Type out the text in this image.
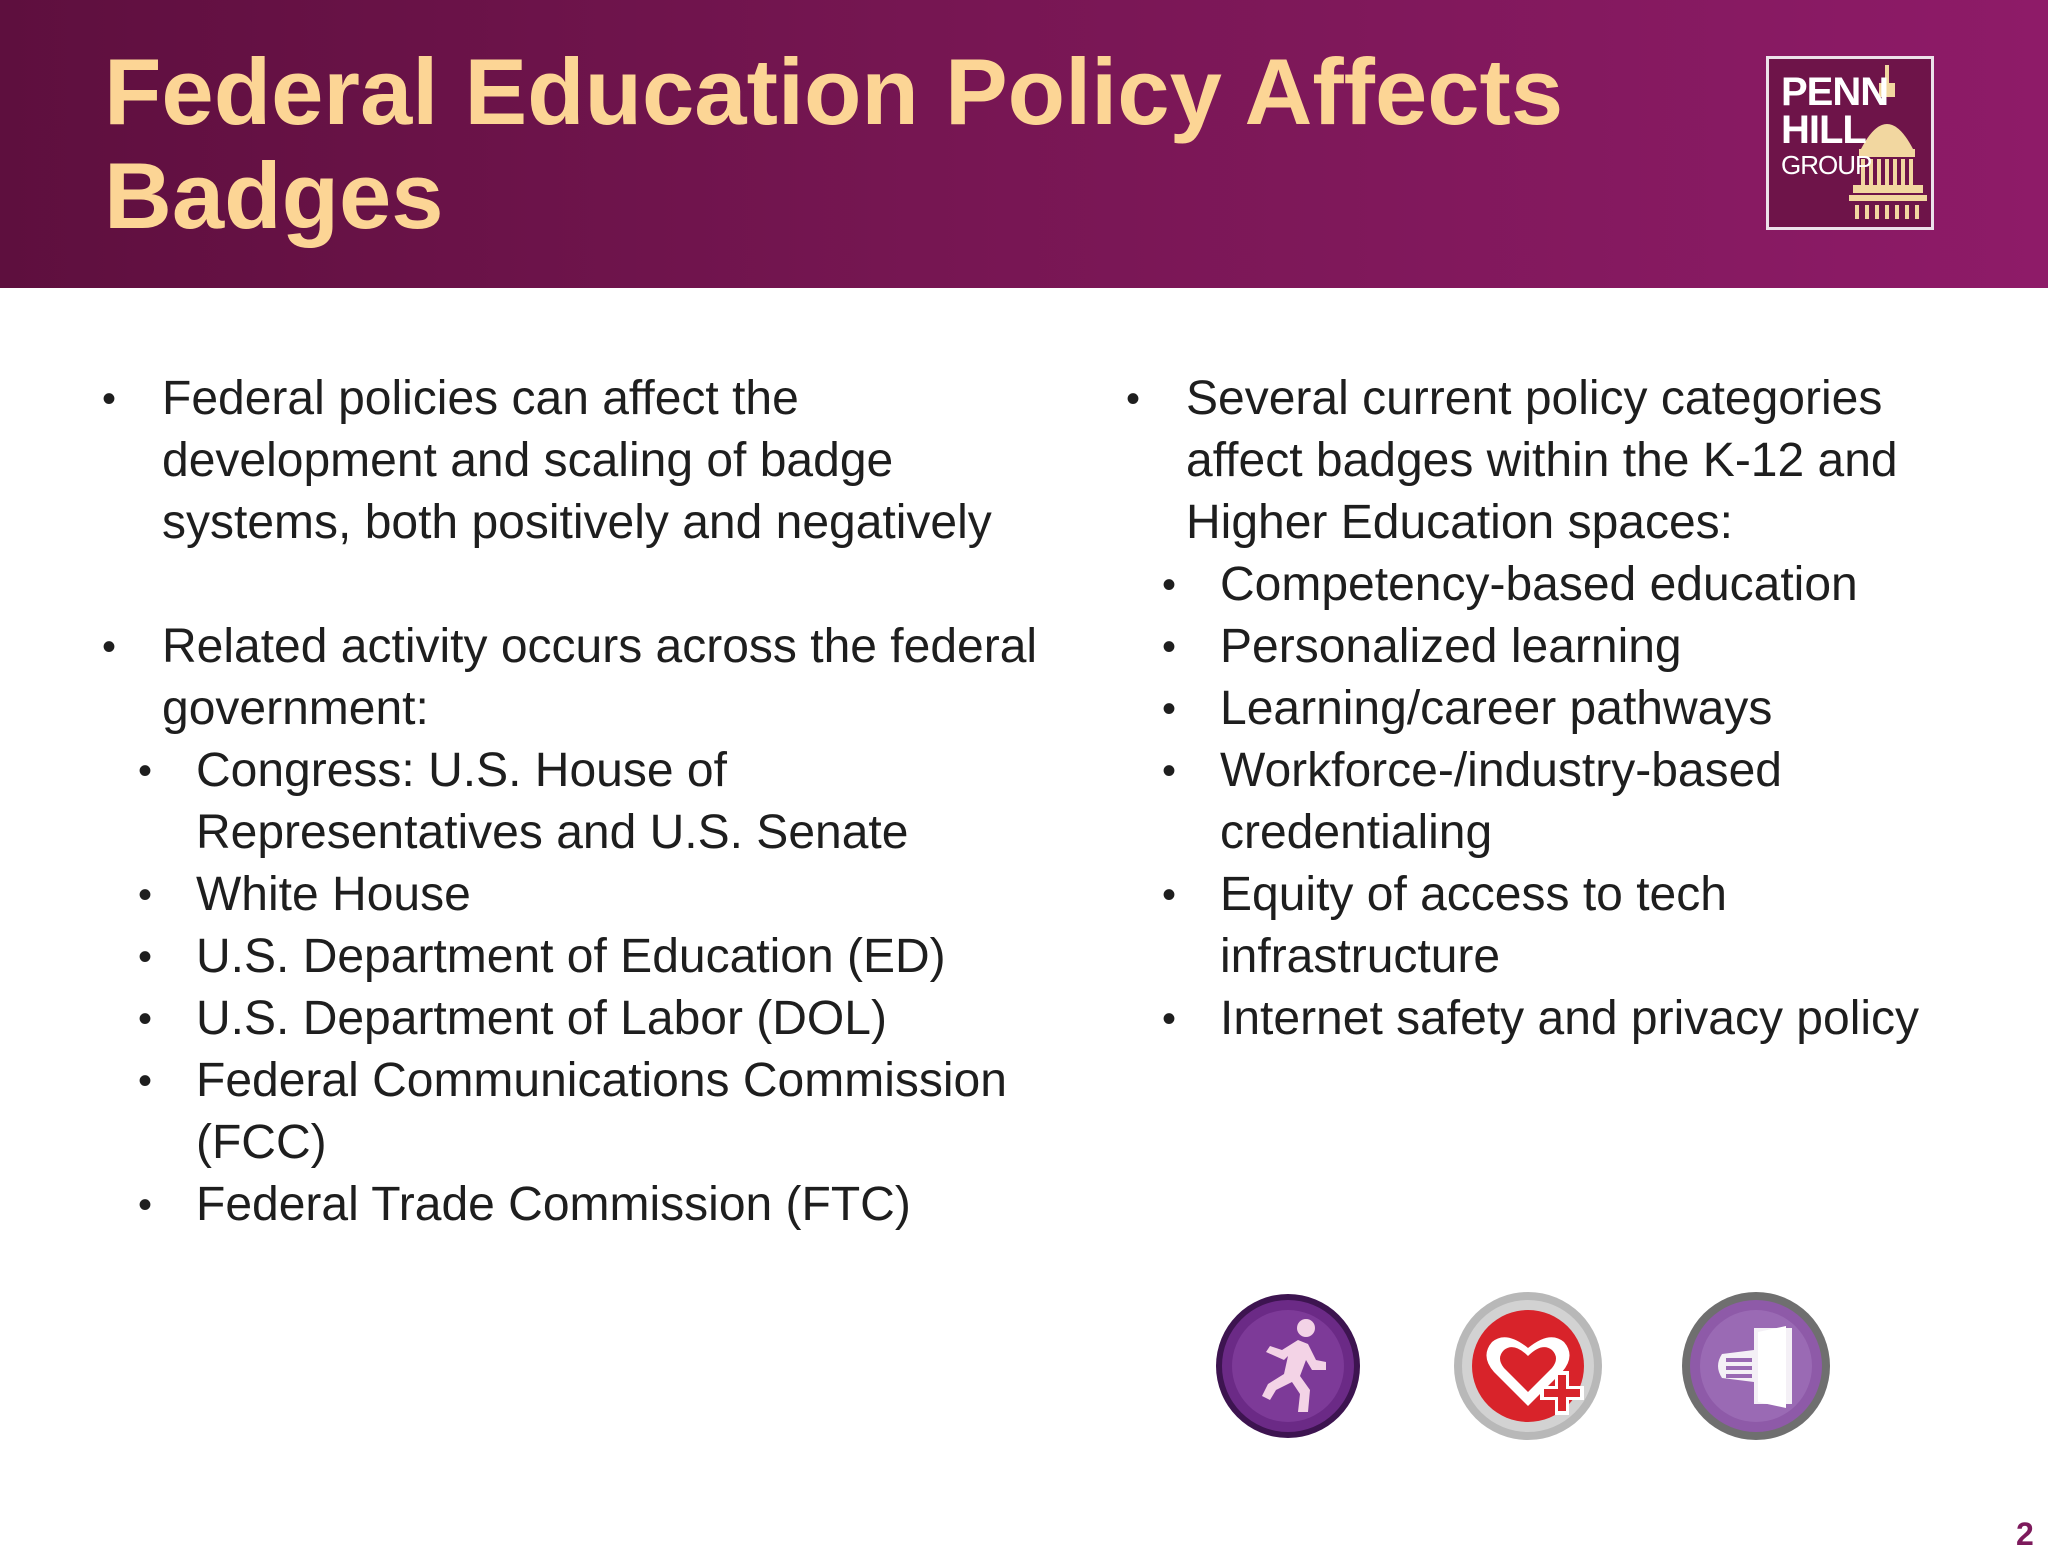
Federal Education Policy Affects Badges
PENN
HILL
GROUP
• Federal policies can affect the development and scaling of badge systems, both positively and negatively
• Related activity occurs across the federal government:
• Congress: U.S. House of Representatives and U.S. Senate
• White House
• U.S. Department of Education (ED)
• U.S. Department of Labor (DOL)
• Federal Communications Commission (FCC)
• Federal Trade Commission (FTC)
• Several current policy categories affect badges within the K-12 and Higher Education spaces:
• Competency-based education
• Personalized learning
• Learning/career pathways
• Workforce-/industry-based credentialing
• Equity of access to tech infrastructure
• Internet safety and privacy policy
2
